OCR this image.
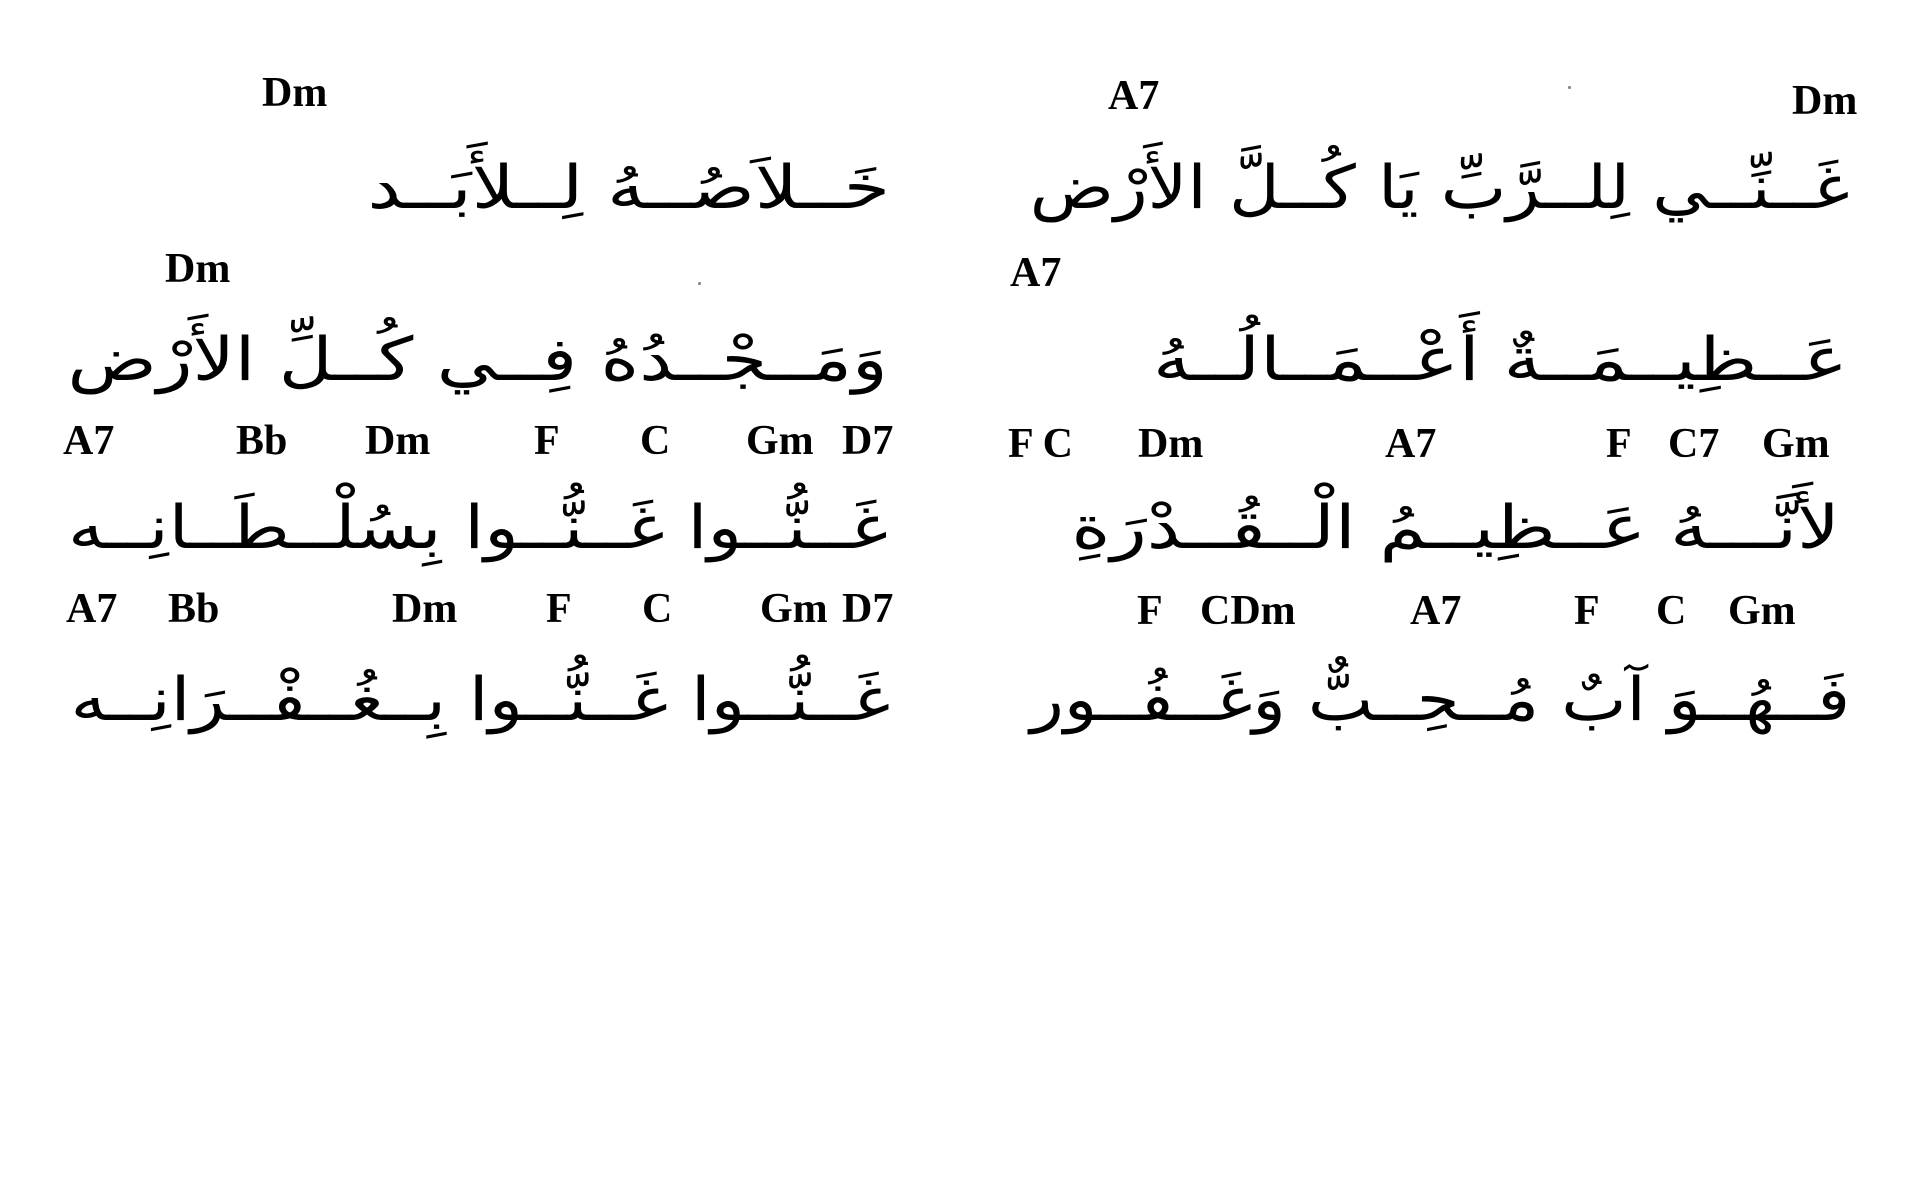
Dm
A7
غَــنِّــي لِلــرَّبِّ يَا كُــلَّ الأَرْض
A7
عَــظِيــمَــةٌ أَعْــمَــالُــهُ
F C Dm	A7	F C7 Gm
لأَنَّـــهُ عَــظِيــمُ الْــقُــدْرَةِ
F CDm	A7	F C Gm
فَــهُــوَ آبٌ مُــحِــبٌّ وَغَــفُــور
Dm
خَــلاَصُــهُ لِــلأَبَــد
Dm
وَمَــجْــدُهُ فِــي كُــلِّ الأَرْض
A7	Bb Dm F C Gm D7
غَــنُّــوا غَــنُّــوا بِسُلْــطَــانِــه
A7 Bb	Dm F C Gm D7
غَــنُّــوا غَــنُّــوا بِــغُــفْــرَانِــه
